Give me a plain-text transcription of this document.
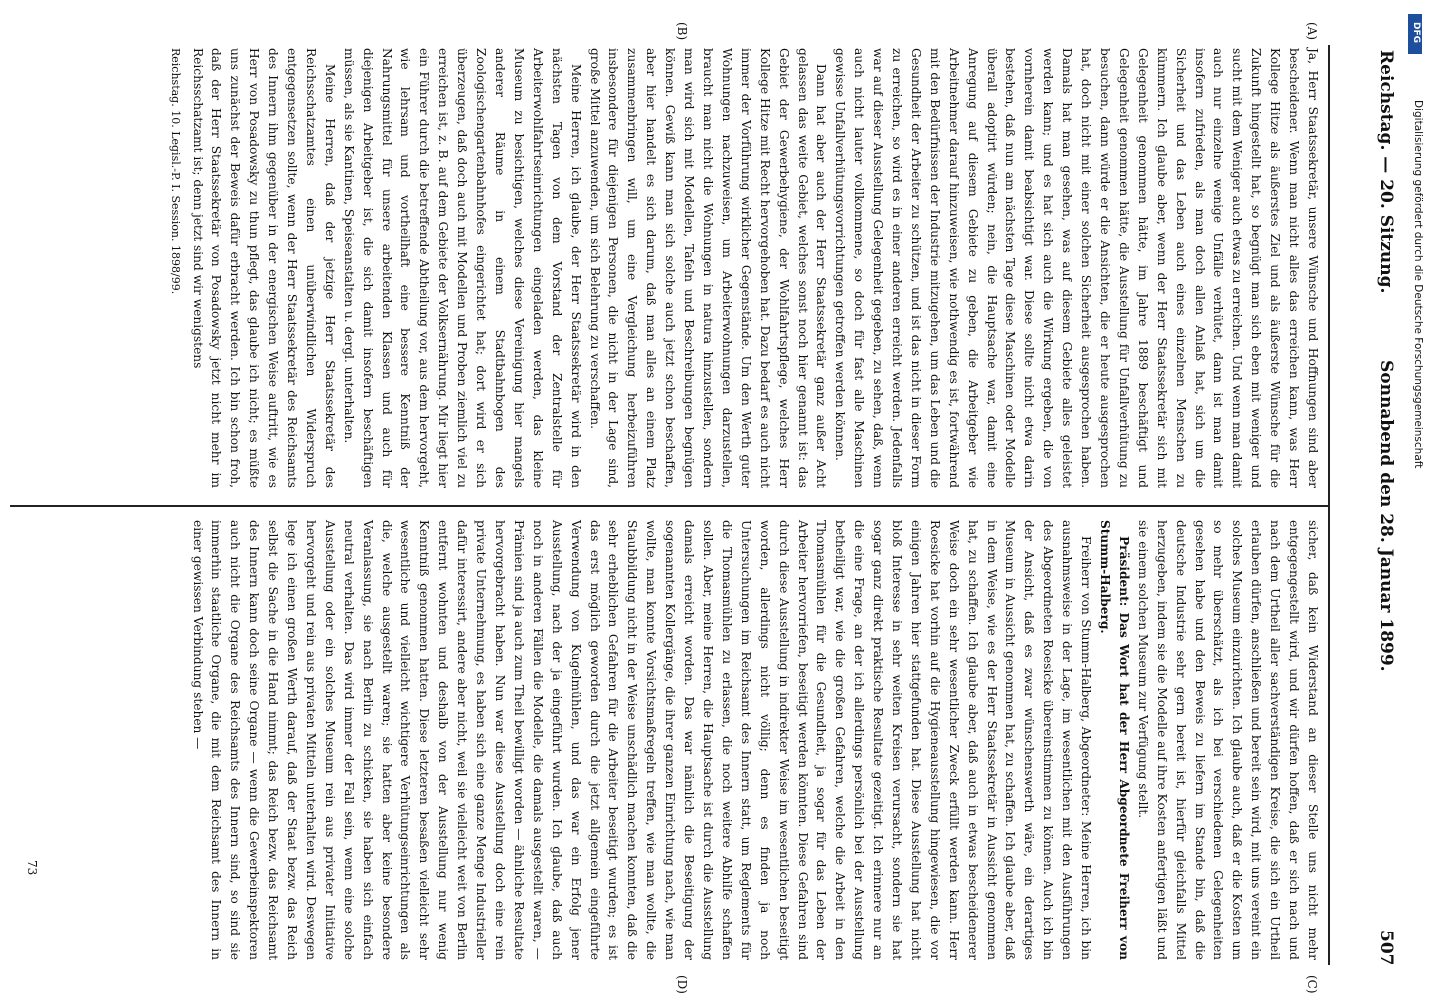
Reichstag. — 20. Sitzung.
Sonnabend den 28. Januar 1899.
507
(A)
(B)
(C)
(D)

Ja, Herr Staatssekretär, unsere Wünsche und Hoffnungen sind aber bescheidener. Wenn man nicht alles das erreichen kann, was Herr Kollege Hitze als äußerstes Ziel und als äußerste Wünsche für die Zukunft hingestellt hat, so begnügt man sich eben mit weniger und sucht mit dem Weniger auch etwas zu erreichen. Und wenn man damit auch nur einzelne wenige Unfälle verhütet, dann ist man damit insofern zufrieden, als man doch allen Anlaß hat, sich um die Sicherheit und das Leben auch eines einzelnen Menschen zu kümmern. Ich glaube aber, wenn der Herr Staatssekretär sich mit Gelegenheit genommen hätte, im Jahre 1889 beschäftigt und Gelegenheit genommen hätte, die Ausstellung für Unfallverhütung zu besuchen, dann würde er die Ansichten, die er heute ausgesprochen hat, doch nicht mit einer solchen Sicherheit ausgesprochen haben. Damals hat man gesehen, was auf diesem Gebiete alles geleistet werden kann; und es hat sich auch die Wirkung ergeben, die von vornherein damit beabsichtigt war. Diese sollte nicht etwa darin bestehen, daß nun am nächsten Tage diese Maschinen oder Modelle überall adoptirt würden; nein, die Hauptsache war, damit eine Anregung auf diesem Gebiete zu geben, die Arbeitgeber wie Arbeitnehmer darauf hinzuweisen, wie nothwendig es ist, fortwährend mit den Bedürfnissen der Industrie mitzugehen, um das Leben und die Gesundheit der Arbeiter zu schützen, und ist das nicht in dieser Form zu erreichen, so wird es in einer anderen erreicht werden. Jedenfalls war auf dieser Ausstellung Gelegenheit gegeben, zu sehen, daß, wenn auch nicht lauter vollkommene, so doch für fast alle Maschinen gewisse Unfallverhütungsvorrichtungen getroffen werden können.

Dann hat aber auch der Herr Staatssekretär ganz außer Acht gelassen das weite Gebiet, welches sonst noch hier genannt ist: das Gebiet der Gewerbehygiene, der Wohlfahrtspflege, welches Herr Kollege Hitze mit Recht hervorgehoben hat. Dazu bedarf es auch nicht immer der Vorführung wirklicher Gegenstände. Um den Werth guter Wohnungen nachzuweisen, um Arbeiterwohnungen darzustellen, braucht man nicht die Wohnungen in natura hinzustellen, sondern man wird sich mit Modellen, Tafeln und Beschreibungen begnügen können. Gewiß kann man sich solche auch jetzt schon beschaffen, aber hier handelt es sich darum, daß man alles an einem Platz zusammenbringen will, um eine Vergleichung herbeizuführen insbesondere für diejenigen Personen, die nicht in der Lage sind, große Mittel anzuwenden, um sich Belehrung zu verschaffen.

Meine Herren, ich glaube, der Herr Staatssekretär wird in den nächsten Tagen von dem Vorstand der Zentralstelle für Arbeiterwohlfahrtseinrichtungen eingeladen werden, das kleine Museum zu besichtigen, welches diese Vereinigung hier mangels anderer Räume in einem Stadtbahnbogen des Zoologischengartenbahnhofes eingerichtet hat; dort wird er sich überzeugen, daß doch auch mit Modellen und Proben ziemlich viel zu erreichen ist, z. B. auf dem Gebiete der Volksernährung. Mir liegt hier ein Führer durch die betreffende Abtheilung vor, aus dem hervorgeht, wie lehrsam und vortheilhaft eine bessere Kenntniß der Nahrungsmittel für unsere arbeitenden Klassen und auch für diejenigen Arbeitgeber ist, die sich damit insofern beschäftigen müssen, als sie Kantinen, Speiseanstalten u. dergl. unterhalten.

Meine Herren, daß der jetzige Herr Staatssekretär des Reichsschatzamtes einen unüberwindlichen Widerspruch entgegensetzen sollte, wenn der Herr Staatssekretär des Reichsamts des Innern ihm gegenüber in der energischen Weise auftritt, wie es Herr von Posadowsky zu thun pflegt, das glaube ich nicht; es müßte uns zunächst der Beweis dafür erbracht werden. Ich bin schon froh, daß der Herr Staatssekretär von Posadowsky jetzt nicht mehr im Reichsschatzamt ist; denn jetzt sind wir wenigstens

Reichstag. 10. Legisl.-P. I. Session. 1898/99.

sicher, daß kein Widerstand an dieser Stelle uns nicht mehr entgegengestellt wird, und wir dürfen hoffen, daß er sich nach und nach dem Urtheil aller sachverständigen Kreise, die sich ein Urtheil erlauben dürfen, anschließen und bereit sein wird, mit uns vereint ein solches Museum einzurichten. Ich glaube auch, daß er die Kosten um so mehr überschätzt, als ich bei verschiedenen Gelegenheiten gesehen habe und den Beweis zu liefern im Stande bin, daß die deutsche Industrie sehr gern bereit ist, hierfür gleichfalls Mittel herzugeben, indem sie die Modelle auf ihre Kosten anfertigen läßt und sie einem solchen Museum zur Verfügung stellt.

Präsident: Das Wort hat der Herr Abgeordnete Freiherr von Stumm-Halberg.

Freiherr von Stumm-Halberg, Abgeordneter: Meine Herren, ich bin ausnahmsweise in der Lage, im wesentlichen mit den Ausführungen des Abgeordneten Roesicke übereinstimmen zu können. Auch ich bin der Ansicht, daß es zwar wünschenswerth wäre, ein derartiges Museum in Aussicht genommen hat, zu schaffen. Ich glaube aber, daß in dem Weise, wie es der Herr Staatssekretär in Aussicht genommen hat, zu schaffen. Ich glaube aber, daß auch in etwas bescheidenerer Weise doch ein sehr wesentlicher Zweck erfüllt werden kann. Herr Roesicke hat vorhin auf die Hygieneausstellung hingewiesen, die vor einigen Jahren hier stattgefunden hat. Diese Ausstellung hat nicht bloß Interesse in sehr weiten Kreisen verursacht, sondern sie hat sogar ganz direkt praktische Resultate gezeitigt. Ich erinnere nur an die eine Frage, an der ich allerdings persönlich bei der Ausstellung betheiligt war, wie die großen Gefahren, welche die Arbeit in den Thomasmühlen für die Gesundheit, ja sogar für das Leben der Arbeiter hervorriefen, beseitigt werden könnten. Diese Gefahren sind durch diese Ausstellung in indirekter Weise im wesentlichen beseitigt worden, allerdings nicht völlig; denn es finden ja noch Untersuchungen im Reichsamt des Innern statt, um Reglements für die Thomasmühlen zu erlassen, die noch weitere Abhilfe schaffen sollen. Aber, meine Herren, die Hauptsache ist durch die Ausstellung damals erreicht worden. Das war nämlich die Beseitigung der sogenannten Kollergänge, die ihrer ganzen Einrichtung nach, wie man wollte, man konnte Vorsichtsmaßregeln treffen, wie man wollte, die Staubbildung nicht in der Weise unschädlich machen konnten, daß die sehr erheblichen Gefahren für die Arbeiter beseitigt wurden; es ist das erst möglich geworden durch die jetzt allgemein eingeführte Verwendung von Kugelmühlen, und das war ein Erfolg jener Ausstellung, nach der ja eingeführt wurden. Ich glaube, daß auch noch in anderen Fällen die Modelle, die damals ausgestellt waren, — Prämien sind ja auch zum Theil bewilligt worden — ähnliche Resultate hervorgebracht haben. Nun war diese Ausstellung doch eine rein private Unternehmung, es haben sich eine ganze Menge Industrieller dafür interessirt, andere aber nicht, weil sie vielleicht weit von Berlin entfernt wohnten und deshalb von der Ausstellung nur wenig Kenntniß genommen hatten. Diese letzteren besaßen vielleicht sehr wesentliche und vielleicht wichtigere Verhütungseinrichtungen als die, welche ausgestellt waren; sie hatten aber keine besondere Veranlassung, sie nach Berlin zu schicken, sie haben sich einfach neutral verhalten. Das wird immer der Fall sein, wenn eine solche Ausstellung oder ein solches Museum rein aus privater Initiative hervorgeht und rein aus privaten Mitteln unterhalten wird. Deswegen lege ich einen großen Werth darauf, daß der Staat bezw. das Reich selbst die Sache in die Hand nimmt; das Reich bezw. das Reichsamt des Innern kann doch seine Organe — wenn die Gewerbeinspektoren auch nicht die Organe des Reichsamts des Innern sind, so sind sie immerhin staatliche Organe, die mit dem Reichsamt des Innern in einer gewissen Verbindung stehen —

73
DFG
Digitalisierung gefördert durch die Deutsche Forschungsgemeinschaft
